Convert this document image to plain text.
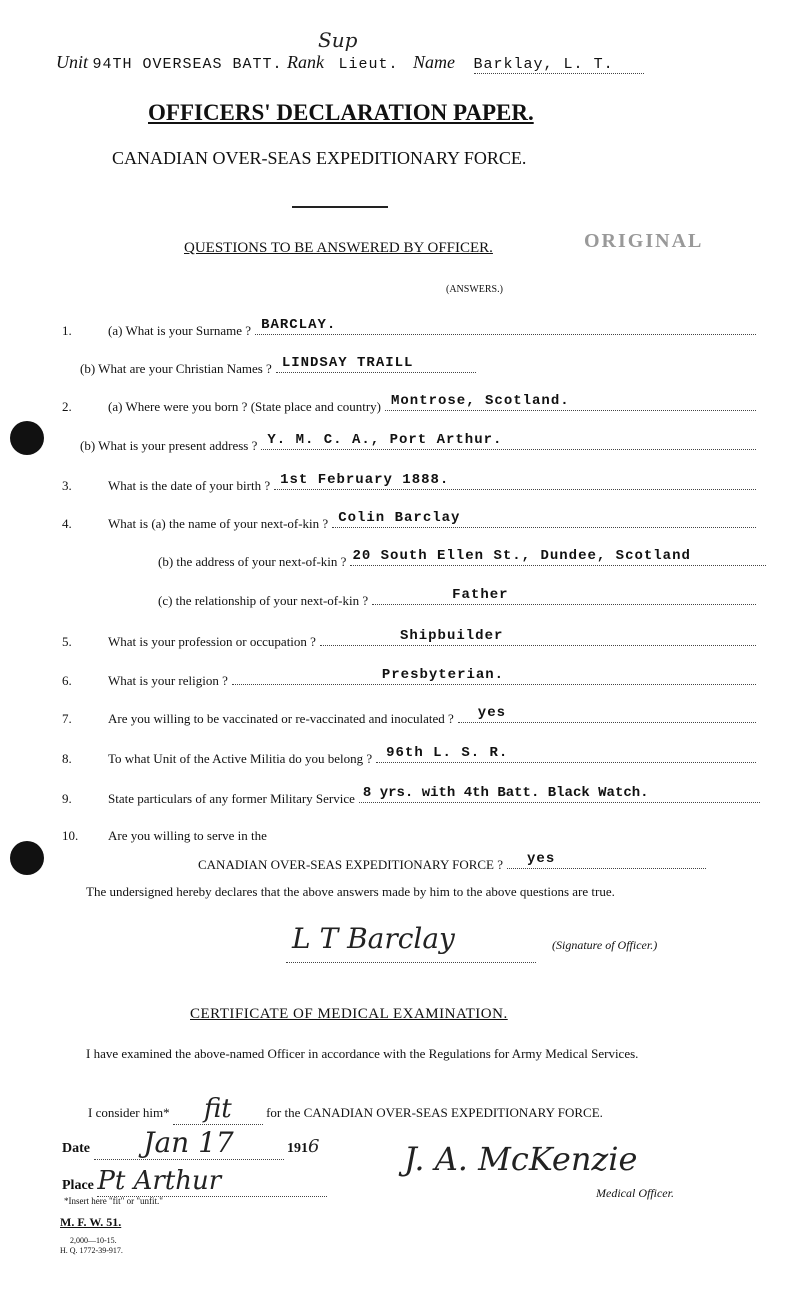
Unit 94TH OVERSEAS BATT. Rank Lieut. Name Barklay, L. T.
Sup
OFFICERS' DECLARATION PAPER.
CANADIAN OVER-SEAS EXPEDITIONARY FORCE.
QUESTIONS TO BE ANSWERED BY OFFICER.	ORIGINAL
(ANSWERS.)
1.	(a) What is your Surname ? BARCLAY.
(b) What are your Christian Names ? LINDSAY TRAILL
2.	(a) Where were you born ? (State place and country) Montrose, Scotland.
(b) What is your present address ? Y. M. C. A., Port Arthur.
3.	What is the date of your birth ? 1st February 1888.
4.	What is (a) the name of your next-of-kin ? Colin Barclay
(b) the address of your next-of-kin ? 20 South Ellen St., Dundee, Scotland
(c) the relationship of your next-of-kin ?	Father
5.	What is your profession or occupation ?	Shipbuilder
6.	What is your religion ?	Presbyterian.
7.	Are you willing to be vaccinated or re-vaccinated and inoculated ? yes
8.	To what Unit of the Active Militia do you belong ? 96th L. S. R.
9.	State particulars of any former Military Service 8 yrs. with 4th Batt. Black Watch.
10.	Are you willing to serve in the
CANADIAN OVER-SEAS EXPEDITIONARY FORCE ? yes
The undersigned hereby declares that the above answers made by him to the above questions are true.
L T Barclay	(Signature of Officer.)
CERTIFICATE OF MEDICAL EXAMINATION.
I have examined the above-named Officer in accordance with the Regulations for Army Medical Services.
I consider him* fit	for the CANADIAN OVER-SEAS EXPEDITIONARY FORCE.
Date Jan 17	1916
Place Pt Arthur
J. A. McKenzie
Medical Officer.
*Insert here "fit" or "unfit."
M. F. W. 51.
2,000—10-15.
H. Q. 1772-39-917.
